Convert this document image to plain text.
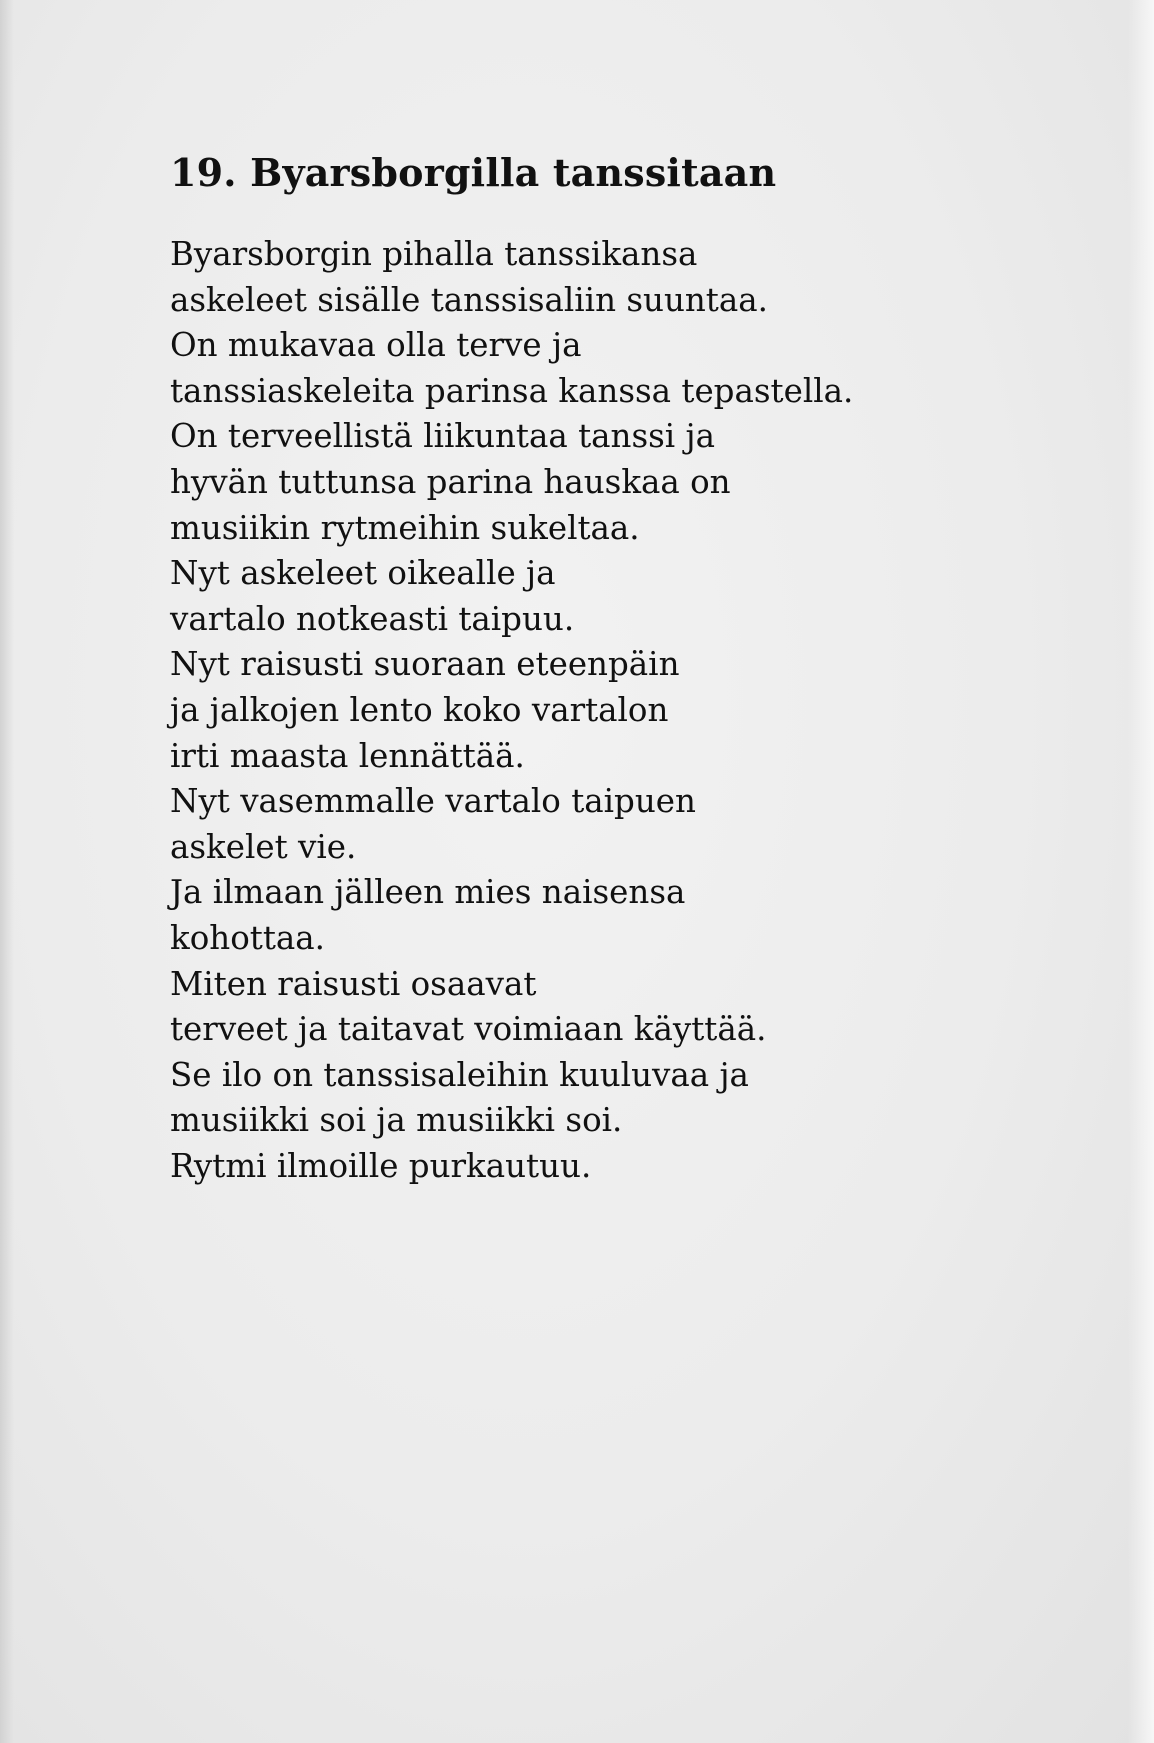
19. Byarsborgilla tanssitaan
Byarsborgin pihalla tanssikansa
askeleet sisälle tanssisaliin suuntaa.
On mukavaa olla terve ja
tanssiaskeleita parinsa kanssa tepastella.
On terveellistä liikuntaa tanssi ja
hyvän tuttunsa parina hauskaa on
musiikin rytmeihin sukeltaa.
Nyt askeleet oikealle ja
vartalo notkeasti taipuu.
Nyt raisusti suoraan eteenpäin
ja jalkojen lento koko vartalon
irti maasta lennättää.
Nyt vasemmalle vartalo taipuen
askelet vie.
Ja ilmaan jälleen mies naisensa
kohottaa.
Miten raisusti osaavat
terveet ja taitavat voimiaan käyttää.
Se ilo on tanssisaleihin kuuluvaa ja
musiikki soi ja musiikki soi.
Rytmi ilmoille purkautuu.
